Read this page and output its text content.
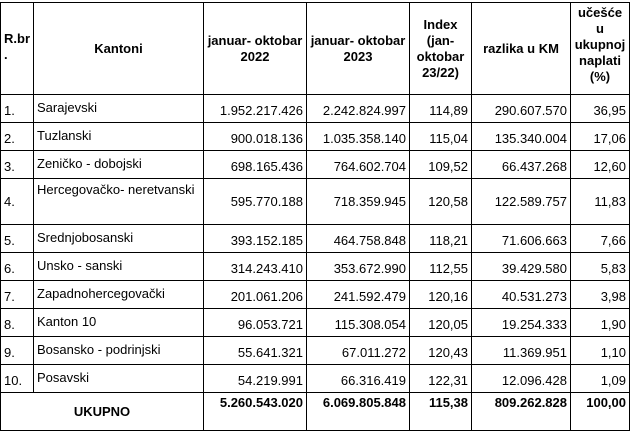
R.br .	Kantoni	januar- oktobar 2022	januar- oktobar 2023	Index (jan- oktobar 23/22)	razlika u KM	učešće u ukupnoj naplati (%)
1.	Sarajevski	1.952.217.426	2.242.824.997	114,89	290.607.570	36,95
2.	Tuzlanski	900.018.136	1.035.358.140	115,04	135.340.004	17,06
3.	Zeničko - dobojski	698.165.436	764.602.704	109,52	66.437.268	12,60
4.	Hercegovačko- neretvanski	595.770.188	718.359.945	120,58	122.589.757	11,83
5.	Srednjobosanski	393.152.185	464.758.848	118,21	71.606.663	7,66
6.	Unsko - sanski	314.243.410	353.672.990	112,55	39.429.580	5,83
7.	Zapadnohercegovački	201.061.206	241.592.479	120,16	40.531.273	3,98
8.	Kanton 10	96.053.721	115.308.054	120,05	19.254.333	1,90
9.	Bosansko - podrinjski	55.641.321	67.011.272	120,43	11.369.951	1,10
10.	Posavski	54.219.991	66.316.419	122,31	12.096.428	1,09
UKUPNO		5.260.543.020	6.069.805.848	115,38	809.262.828	100,00
